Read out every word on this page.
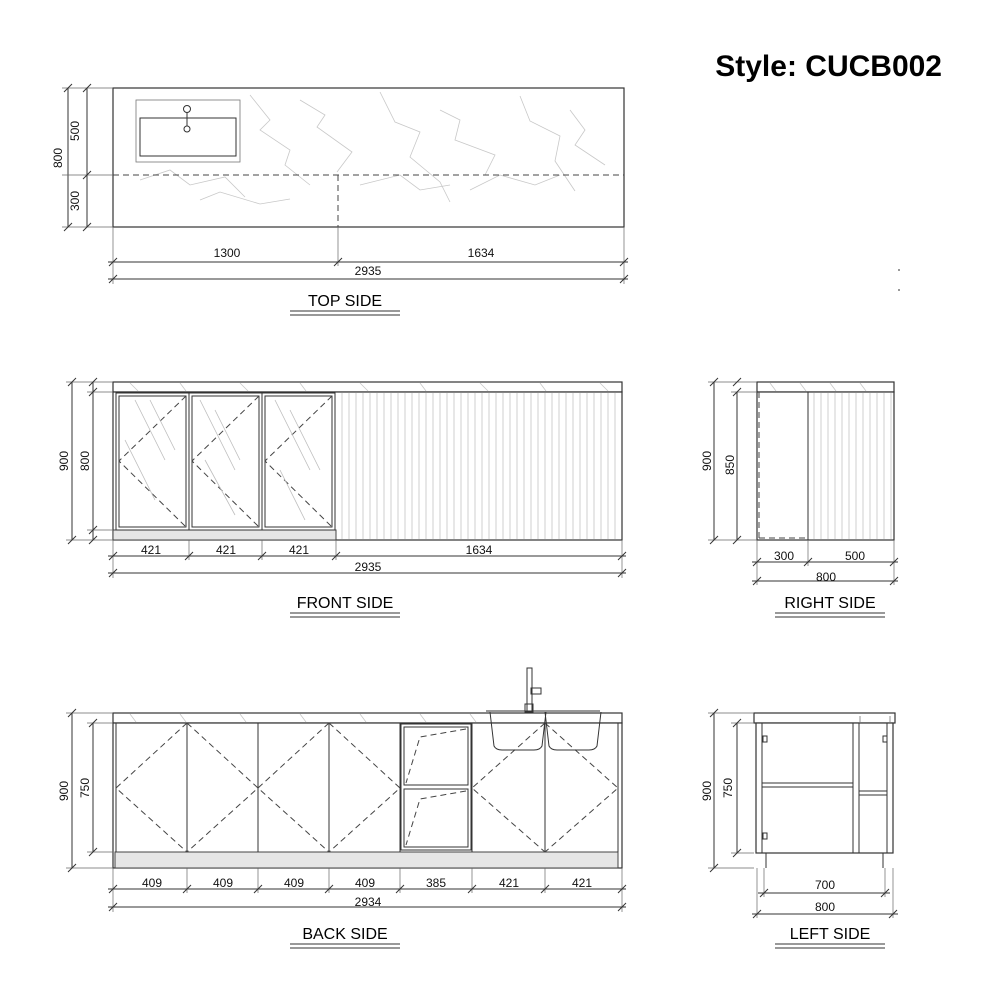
Style: CUCB002
800
500
300
1300	1634
2935
TOP SIDE
900 800
421	421	421	1634
2935
FRONT SIDE
900 850
300	500
800
RIGHT SIDE
900 750
409	409	409	409	385	421	421
2934
BACK SIDE
900 750
700
800
LEFT SIDE
